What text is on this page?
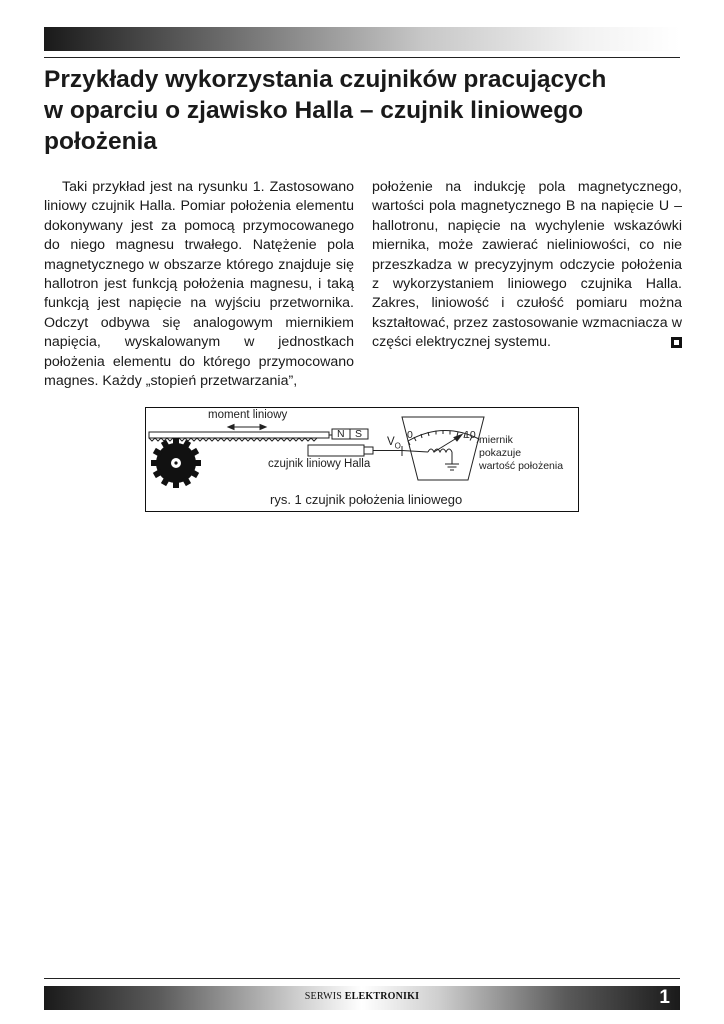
Przykłady wykorzystania czujników pracujących
w oparciu o zjawisko Halla – czujnik liniowego
położenia

Taki przykład jest na rysunku 1. Zastosowano liniowy czujnik Halla. Pomiar położenia elementu dokonywany jest za pomocą przymocowanego do niego magnesu trwałego. Natężenie pola magnetycznego w obszarze którego znajduje się hallotron jest funkcją położenia magnesu, i taką funkcją jest napięcie na wyjściu przetwornika. Odczyt odbywa się analogowym miernikiem napięcia, wyskalowanym w jednostkach położenia elementu do którego przymocowano magnes. Każdy „stopień przetwarzania”,

położenie na indukcję pola magnetycznego, wartości pola magnetycznego B na napięcie U – hallotronu, napięcie na wychylenie wskazówki miernika, może zawierać nieliniowości, co nie przeszkadza w precyzyjnym odczycie położenia z wykorzystaniem liniowego czujnika Halla. Zakres, liniowość i czułość pomiaru można kształtować, przez zastosowanie wzmacniacza w części elektrycznej systemu.

moment liniowy
N S
$V_O$
0	10 miernik
pokazuje
wartość położenia
czujnik liniowy Halla
rys. 1 czujnik położenia liniowego
SERWIS ELEKTRONIKI	1
